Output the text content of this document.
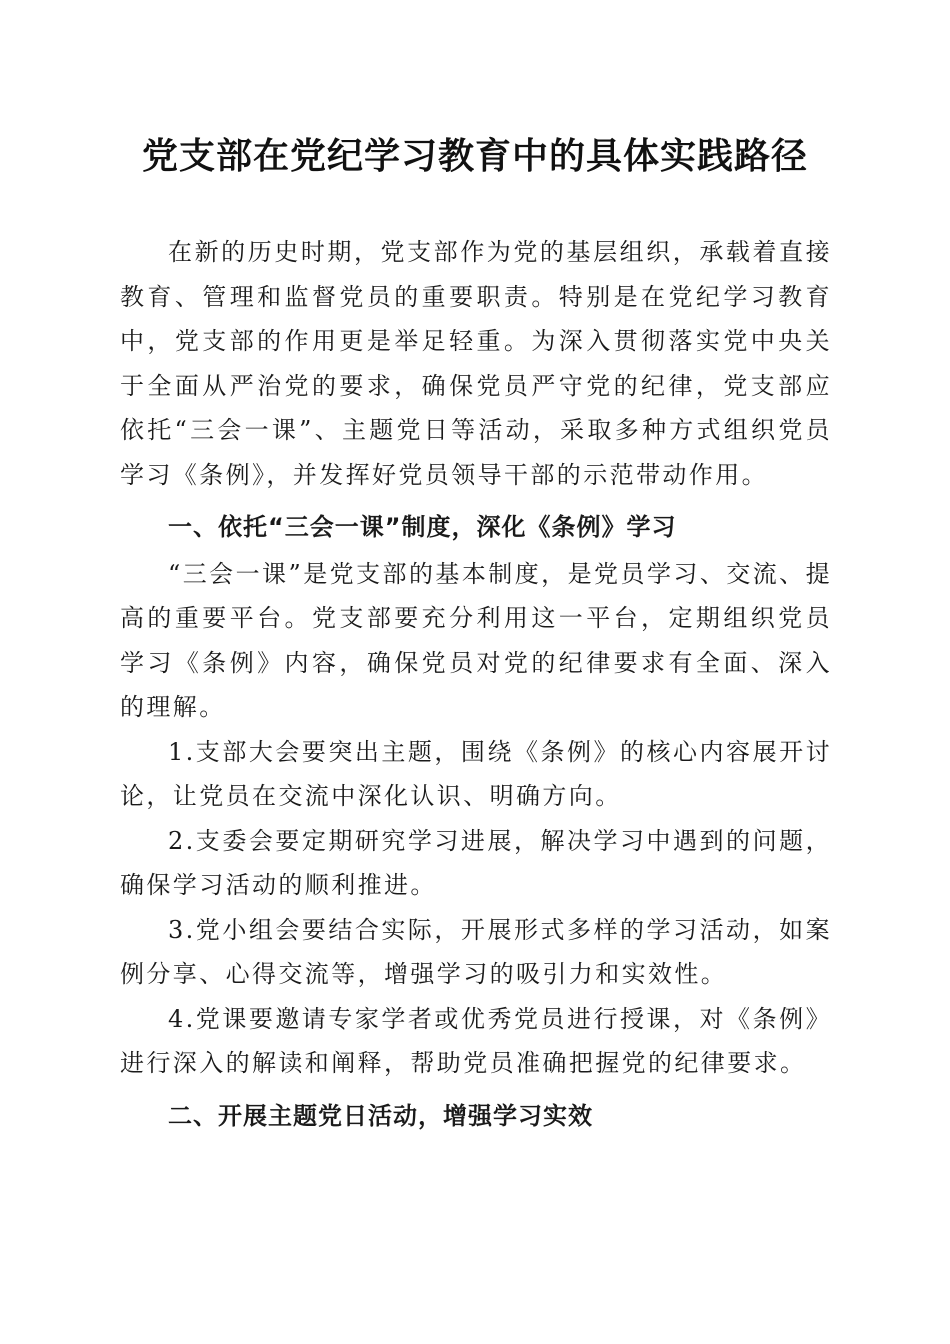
党支部在党纪学习教育中的具体实践路径

在新的历史时期，党支部作为党的基层组织，承载着直接教育、管理和监督党员的重要职责。特别是在党纪学习教育中，党支部的作用更是举足轻重。为深入贯彻落实党中央关于全面从严治党的要求，确保党员严守党的纪律，党支部应依托“三会一课”、主题党日等活动，采取多种方式组织党员学习《条例》，并发挥好党员领导干部的示范带动作用。

一、依托“三会一课”制度，深化《条例》学习

“三会一课”是党支部的基本制度，是党员学习、交流、提高的重要平台。党支部要充分利用这一平台，定期组织党员学习《条例》内容，确保党员对党的纪律要求有全面、深入的理解。

1.支部大会要突出主题，围绕《条例》的核心内容展开讨论，让党员在交流中深化认识、明确方向。

2.支委会要定期研究学习进展，解决学习中遇到的问题，确保学习活动的顺利推进。

3.党小组会要结合实际，开展形式多样的学习活动，如案例分享、心得交流等，增强学习的吸引力和实效性。

4.党课要邀请专家学者或优秀党员进行授课，对《条例》进行深入的解读和阐释，帮助党员准确把握党的纪律要求。

二、开展主题党日活动，增强学习实效
